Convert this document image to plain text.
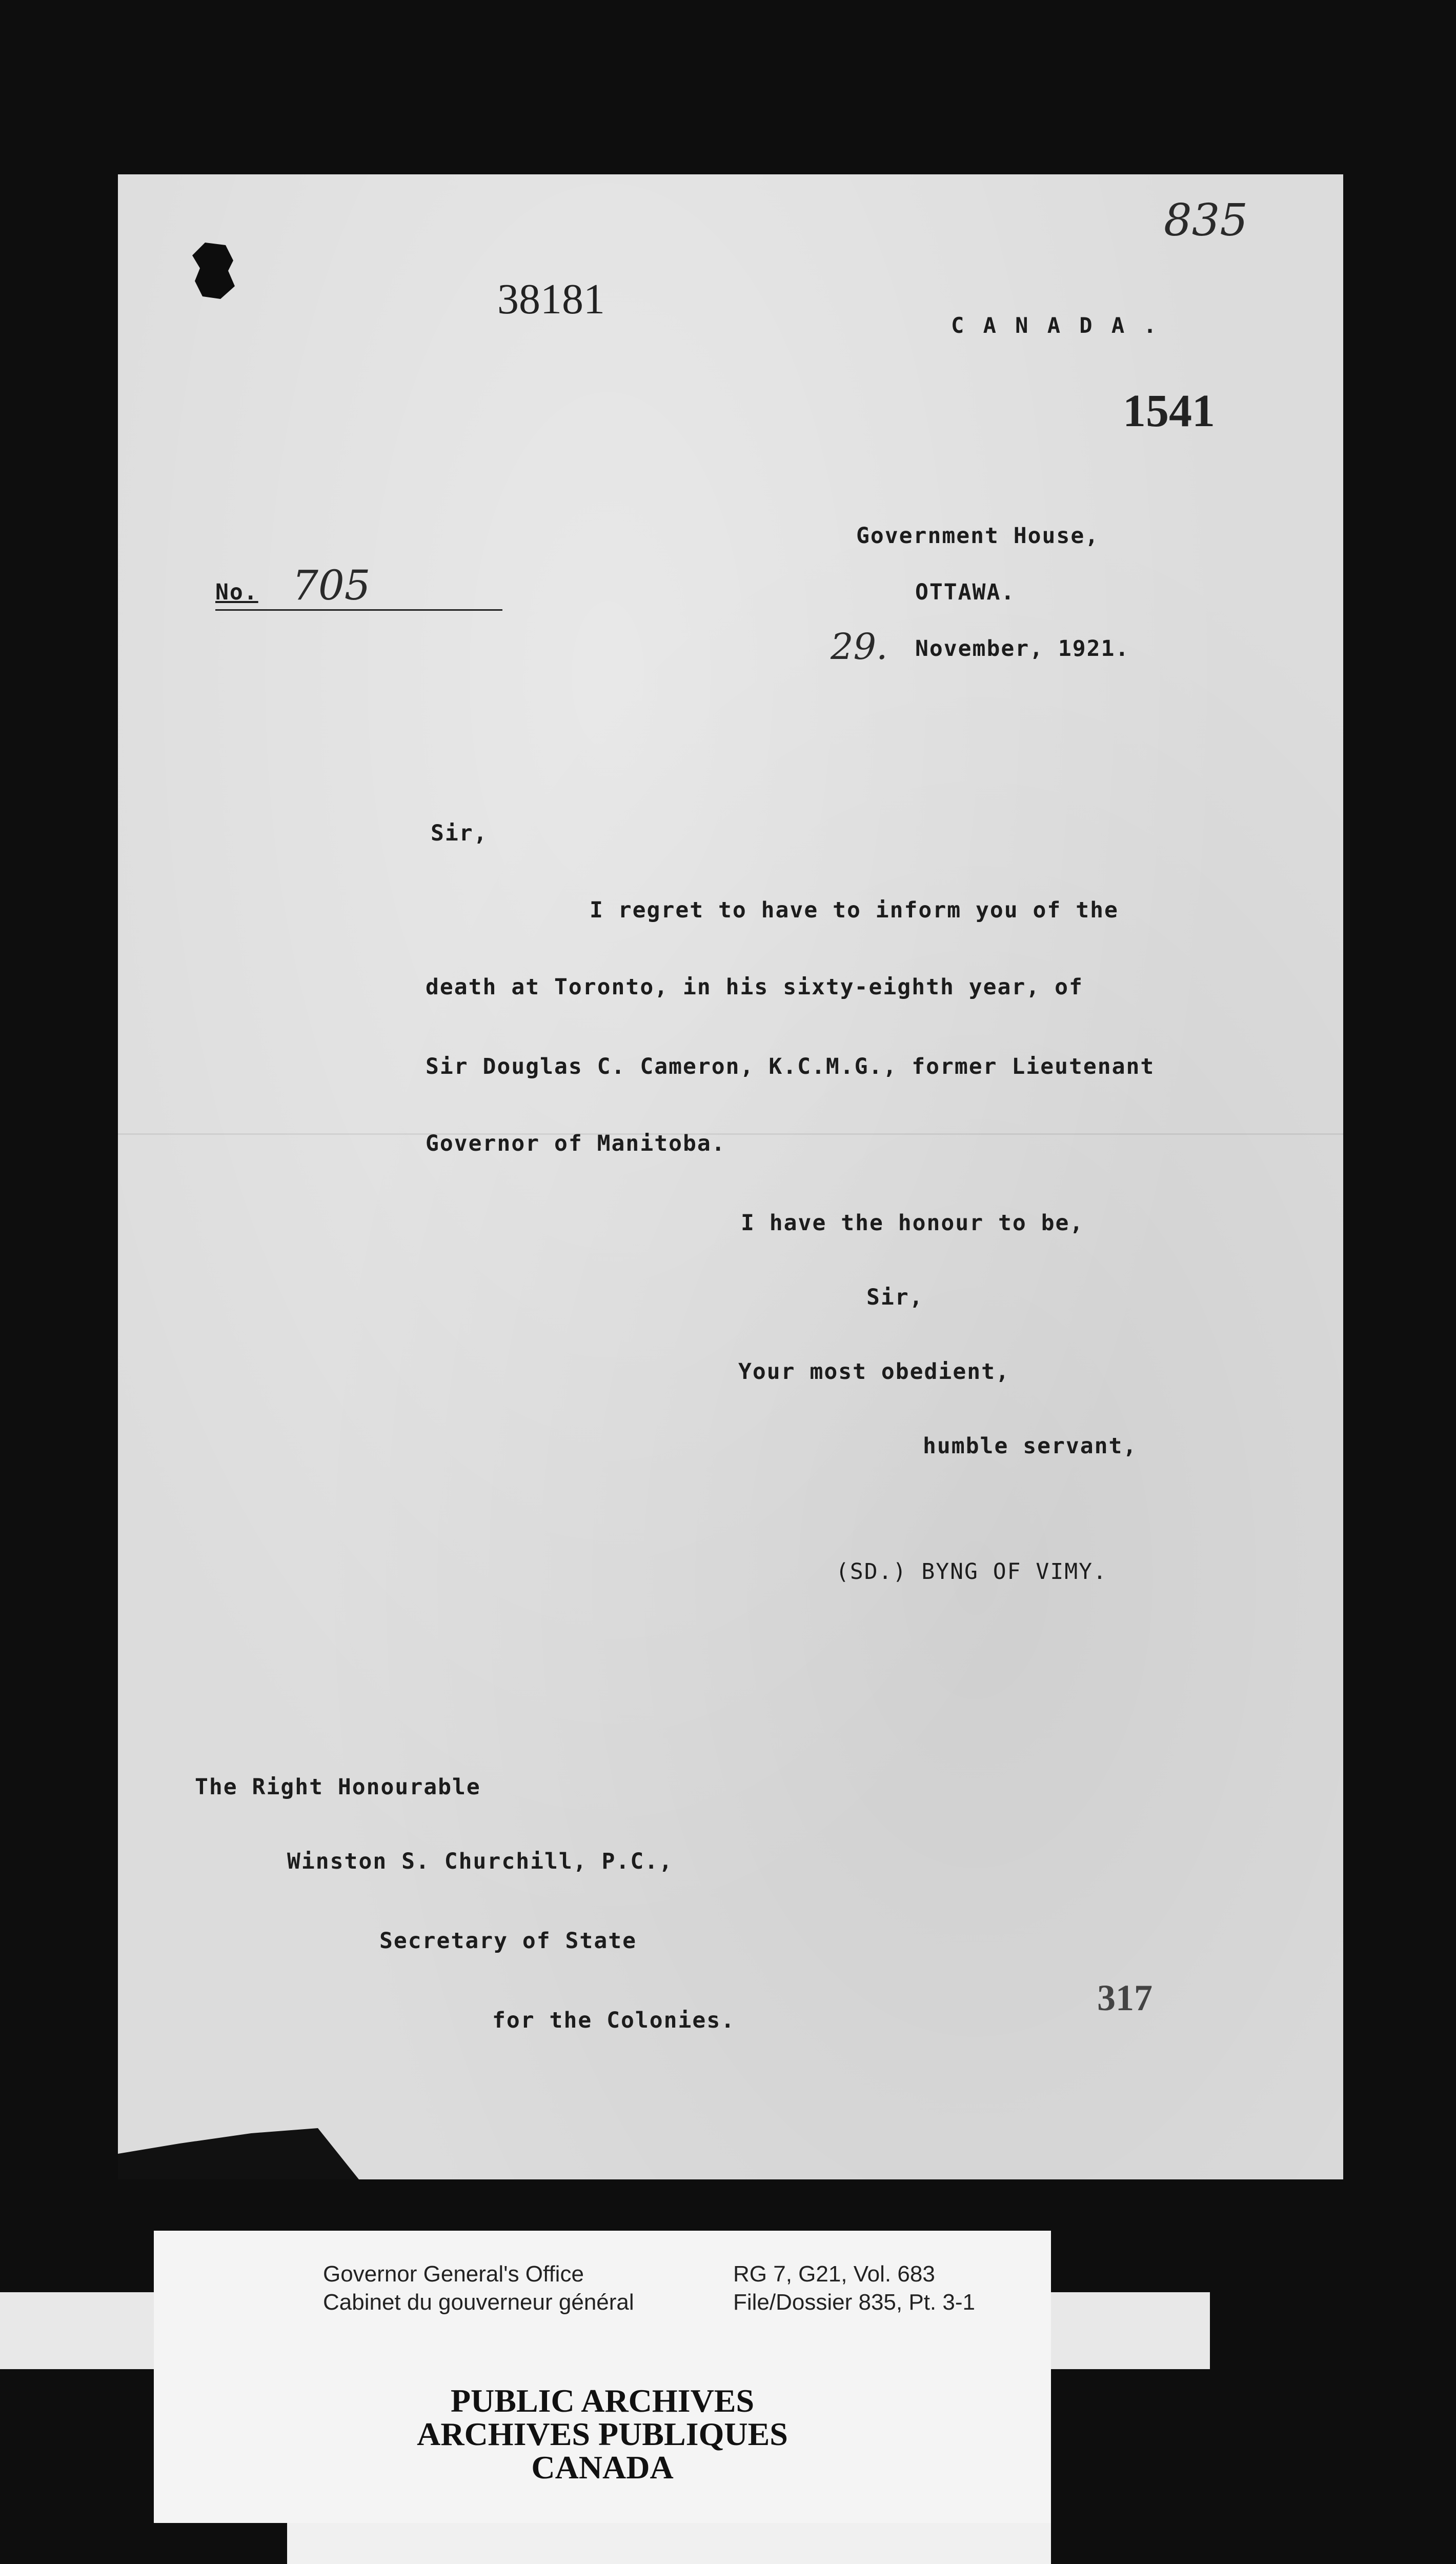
38181
C A N A D A .
835
1541
Government House,
No. 705	OTTAWA.
29. November, 1921.
Sir,
I regret to have to inform you of the
death at Toronto, in his sixty-eighth year, of
Sir Douglas C. Cameron, K.C.M.G., former Lieutenant
Governor of Manitoba.
I have the honour to be,
Sir,
Your most obedient,
humble servant,
(SD.) BYNG OF VIMY.
The Right Honourable
Winston S. Churchill, P.C.,
Secretary of State
for the Colonies.
317
Governor General's Office
Cabinet du gouverneur général
RG 7, G21, Vol. 683
File/Dossier 835, Pt. 3-1
PUBLIC ARCHIVES
ARCHIVES PUBLIQUES
CANADA
